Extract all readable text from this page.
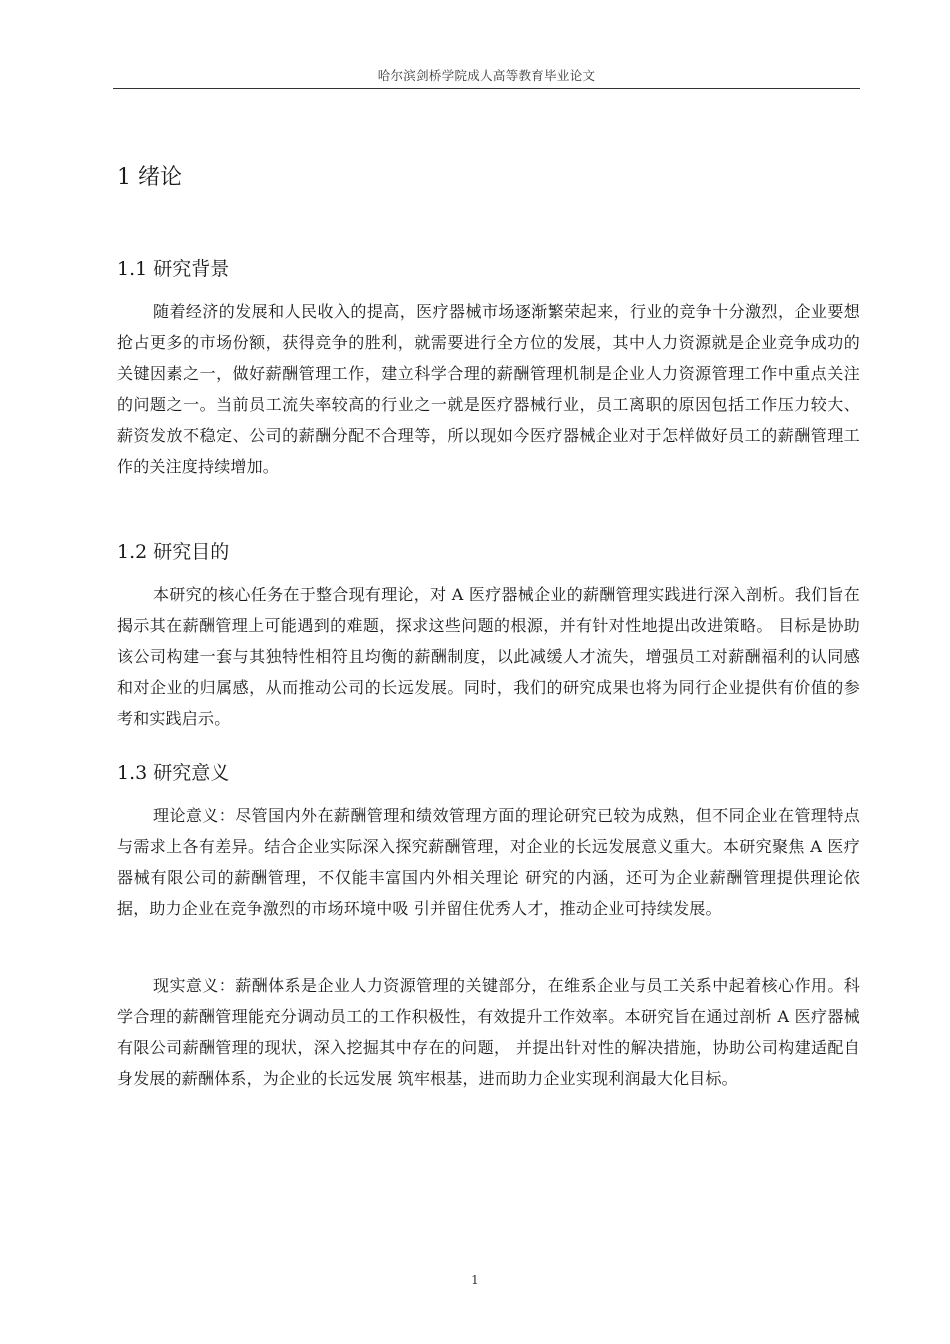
哈尔滨剑桥学院成人高等教育毕业论文
1 绪论
1.1 研究背景

随着经济的发展和人民收入的提高，医疗器械市场逐渐繁荣起来，行业的竞争十分激烈，企业要想抢占更多的市场份额，获得竞争的胜利，就需要进行全方位的发展，其中人力资源就是企业竞争成功的关键因素之一，做好薪酬管理工作，建立科学合理的薪酬管理机制是企业人力资源管理工作中重点关注的问题之一。当前员工流失率较高的行业之一就是医疗器械行业，员工离职的原因包括工作压力较大、薪资发放不稳定、公司的薪酬分配不合理等，所以现如今医疗器械企业对于怎样做好员工的薪酬管理工作的关注度持续增加。

1.2 研究目的

本研究的核心任务在于整合现有理论，对 A 医疗器械企业的薪酬管理实践进行深入剖析。我们旨在揭示其在薪酬管理上可能遇到的难题，探求这些问题的根源，并有针对性地提出改进策略。 目标是协助该公司构建一套与其独特性相符且均衡的薪酬制度，以此减缓人才流失，增强员工对薪酬福利的认同感和对企业的归属感，从而推动公司的长远发展。同时，我们的研究成果也将为同行企业提供有价值的参考和实践启示。

1.3 研究意义

理论意义：尽管国内外在薪酬管理和绩效管理方面的理论研究已较为成熟，但不同企业在管理特点与需求上各有差异。结合企业实际深入探究薪酬管理，对企业的长远发展意义重大。本研究聚焦 A 医疗器械有限公司的薪酬管理，不仅能丰富国内外相关理论 研究的内涵，还可为企业薪酬管理提供理论依据，助力企业在竞争激烈的市场环境中吸 引并留住优秀人才，推动企业可持续发展。

现实意义：薪酬体系是企业人力资源管理的关键部分，在维系企业与员工关系中起着核心作用。科学合理的薪酬管理能充分调动员工的工作积极性，有效提升工作效率。本研究旨在通过剖析 A 医疗器械有限公司薪酬管理的现状，深入挖掘其中存在的问题， 并提出针对性的解决措施，协助公司构建适配自身发展的薪酬体系，为企业的长远发展 筑牢根基，进而助力企业实现利润最大化目标。

1
